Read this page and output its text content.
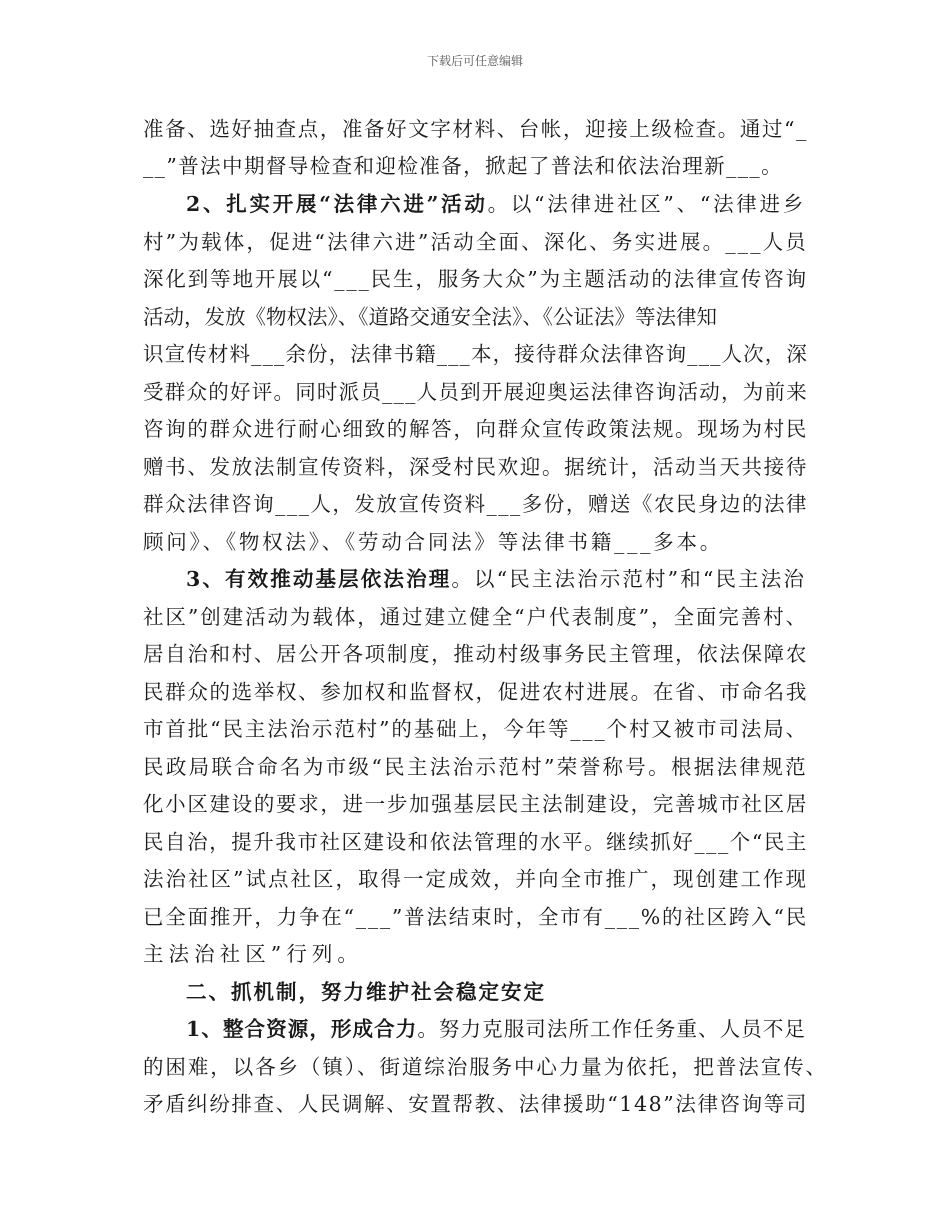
下载后可任意编辑
准备、选好抽查点，准备好文字材料、台帐，迎接上级检查。通过“_
__”普法中期督导检查和迎检准备，掀起了普法和依法治理新___。
2、扎实开展“法律六进”活动。以“法律进社区”、“法律进乡
村”为载体，促进“法律六进”活动全面、深化、务实进展。___人员
深化到等地开展以“___民生，服务大众”为主题活动的法律宣传咨询
活动，发放《物权法》、《道路交通安全法》、《公证法》等法律知
识宣传材料___余份，法律书籍___本，接待群众法律咨询___人次，深
受群众的好评。同时派员___人员到开展迎奥运法律咨询活动，为前来
咨询的群众进行耐心细致的解答，向群众宣传政策法规。现场为村民
赠书、发放法制宣传资料，深受村民欢迎。据统计，活动当天共接待
群众法律咨询___人，发放宣传资料___多份，赠送《农民身边的法律
顾问》、《物权法》、《劳动合同法》等法律书籍___多本。
3、有效推动基层依法治理。以“民主法治示范村”和“民主法治
社区”创建活动为载体，通过建立健全“户代表制度”，全面完善村、
居自治和村、居公开各项制度，推动村级事务民主管理，依法保障农
民群众的选举权、参加权和监督权，促进农村进展。在省、市命名我
市首批“民主法治示范村”的基础上，今年等___个村又被市司法局、
民政局联合命名为市级“民主法治示范村”荣誉称号。根据法律规范
化小区建设的要求，进一步加强基层民主法制建设，完善城市社区居
民自治，提升我市社区建设和依法管理的水平。继续抓好___个“民主
法治社区”试点社区，取得一定成效，并向全市推广，现创建工作现
已全面推开，力争在“___”普法结束时，全市有___%的社区跨入“民
主法治社区”行列。
二、抓机制，努力维护社会稳定安定
1、整合资源，形成合力。努力克服司法所工作任务重、人员不足
的困难，以各乡（镇）、街道综治服务中心力量为依托，把普法宣传、
矛盾纠纷排查、人民调解、安置帮教、法律援助“148”法律咨询等司
